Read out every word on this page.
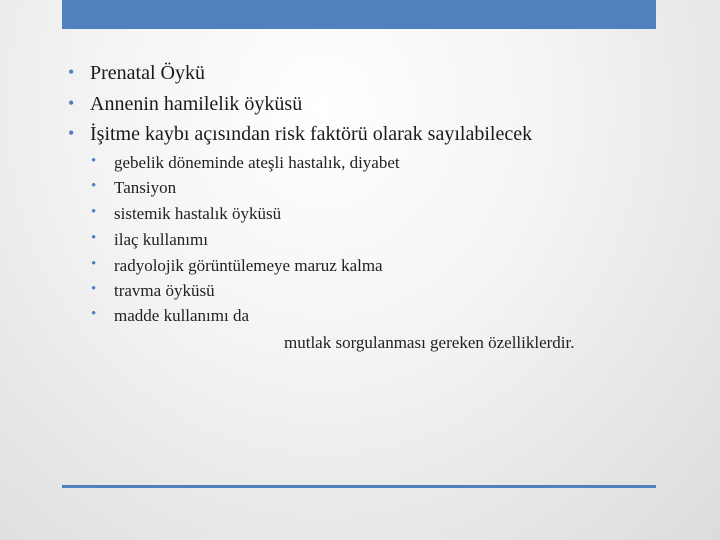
• Prenatal Öykü
• Annenin hamilelik öyküsü
• İşitme kaybı açısından risk faktörü olarak sayılabilecek
• gebelik döneminde ateşli hastalık, diyabet
• Tansiyon
• sistemik hastalık öyküsü
• ilaç kullanımı
• radyolojik görüntülemeye maruz kalma
• travma öyküsü
• madde kullanımı da
mutlak sorgulanması gereken özelliklerdir.
